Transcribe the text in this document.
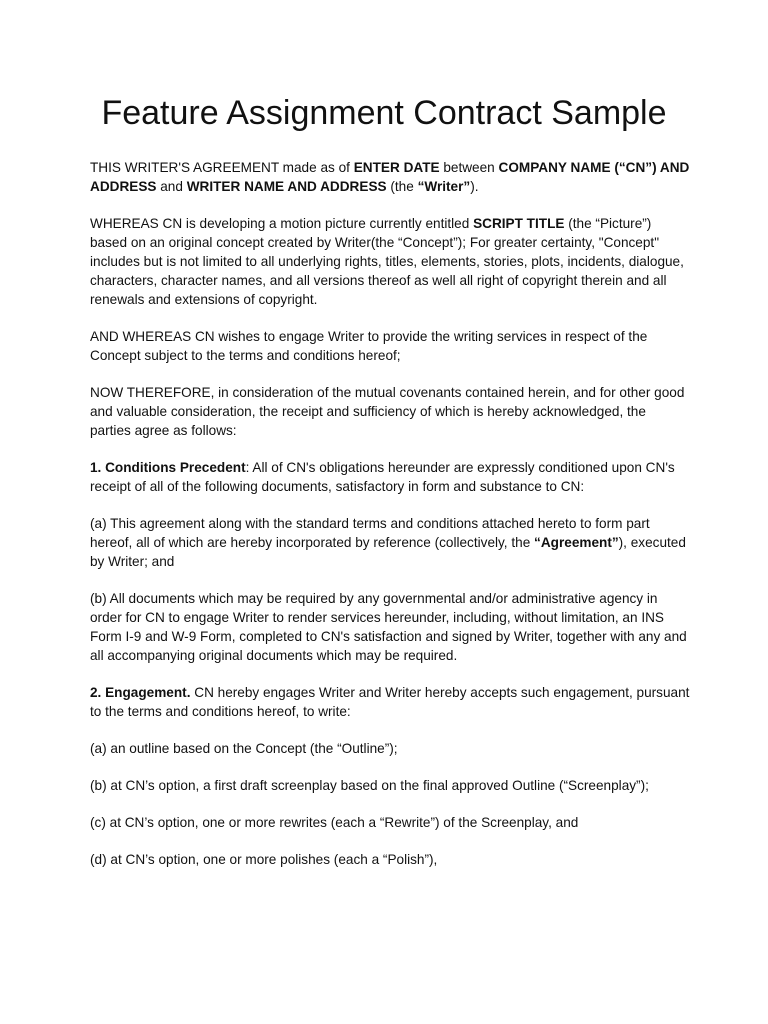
Feature Assignment Contract Sample

THIS WRITER'S AGREEMENT made as of ENTER DATE between COMPANY NAME (“CN”) AND ADDRESS and WRITER NAME AND ADDRESS (the “Writer”).

WHEREAS CN is developing a motion picture currently entitled SCRIPT TITLE (the “Picture”) based on an original concept created by Writer(the “Concept”); For greater certainty, "Concept" includes but is not limited to all underlying rights, titles, elements, stories, plots, incidents, dialogue, characters, character names, and all versions thereof as well all right of copyright therein and all renewals and extensions of copyright.

AND WHEREAS CN wishes to engage Writer to provide the writing services in respect of the Concept subject to the terms and conditions hereof;

NOW THEREFORE, in consideration of the mutual covenants contained herein, and for other good and valuable consideration, the receipt and sufficiency of which is hereby acknowledged, the parties agree as follows:

1. Conditions Precedent: All of CN's obligations hereunder are expressly conditioned upon CN's receipt of all of the following documents, satisfactory in form and substance to CN:

(a) This agreement along with the standard terms and conditions attached hereto to form part hereof, all of which are hereby incorporated by reference (collectively, the “Agreement”), executed by Writer; and

(b) All documents which may be required by any governmental and/or administrative agency in order for CN to engage Writer to render services hereunder, including, without limitation, an INS Form I-9 and W-9 Form, completed to CN's satisfaction and signed by Writer, together with any and all accompanying original documents which may be required.

2. Engagement. CN hereby engages Writer and Writer hereby accepts such engagement, pursuant to the terms and conditions hereof, to write:

(a) an outline based on the Concept (the “Outline”);

(b) at CN’s option, a first draft screenplay based on the final approved Outline (“Screenplay”);

(c) at CN’s option, one or more rewrites (each a “Rewrite”) of the Screenplay, and

(d) at CN’s option, one or more polishes (each a “Polish”),
